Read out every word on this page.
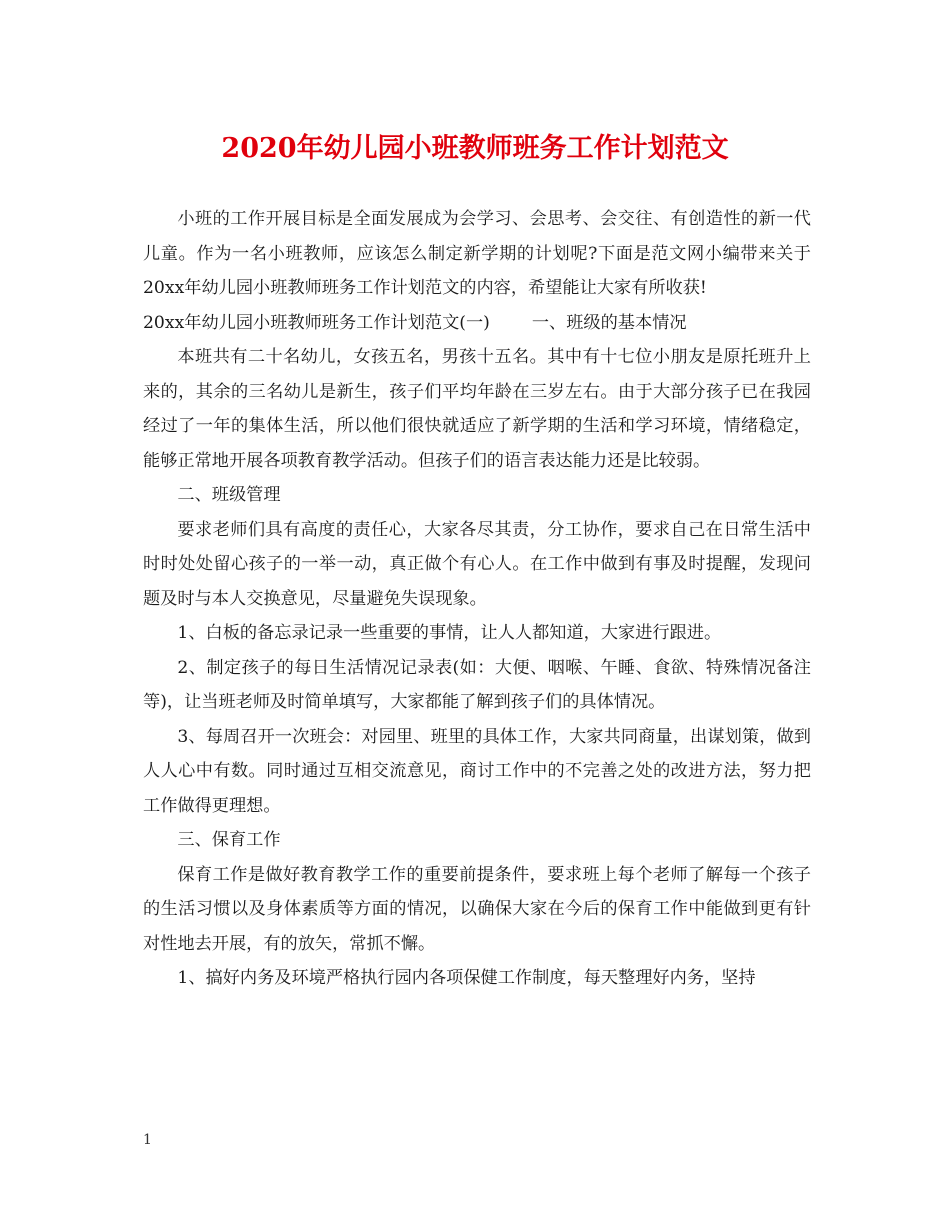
2020年幼儿园小班教师班务工作计划范文

小班的工作开展目标是全面发展成为会学习、会思考、会交往、有创造性的新一代儿童。作为一名小班教师，应该怎么制定新学期的计划呢?下面是范文网小编带来关于20xx年幼儿园小班教师班务工作计划范文的内容，希望能让大家有所收获!

20xx年幼儿园小班教师班务工作计划范文(一) 一、班级的基本情况

本班共有二十名幼儿，女孩五名，男孩十五名。其中有十七位小朋友是原托班升上来的，其余的三名幼儿是新生，孩子们平均年龄在三岁左右。由于大部分孩子已在我园经过了一年的集体生活，所以他们很快就适应了新学期的生活和学习环境，情绪稳定，能够正常地开展各项教育教学活动。但孩子们的语言表达能力还是比较弱。

二、班级管理

要求老师们具有高度的责任心，大家各尽其责，分工协作，要求自己在日常生活中时时处处留心孩子的一举一动，真正做个有心人。在工作中做到有事及时提醒，发现问题及时与本人交换意见，尽量避免失误现象。

1、白板的备忘录记录一些重要的事情，让人人都知道，大家进行跟进。

2、制定孩子的每日生活情况记录表(如：大便、咽喉、午睡、食欲、特殊情况备注等)，让当班老师及时简单填写，大家都能了解到孩子们的具体情况。

3、每周召开一次班会：对园里、班里的具体工作，大家共同商量，出谋划策，做到人人心中有数。同时通过互相交流意见，商讨工作中的不完善之处的改进方法，努力把工作做得更理想。

三、保育工作

保育工作是做好教育教学工作的重要前提条件，要求班上每个老师了解每一个孩子的生活习惯以及身体素质等方面的情况，以确保大家在今后的保育工作中能做到更有针对性地去开展，有的放矢，常抓不懈。

1、搞好内务及环境严格执行园内各项保健工作制度，每天整理好内务，坚持

1
